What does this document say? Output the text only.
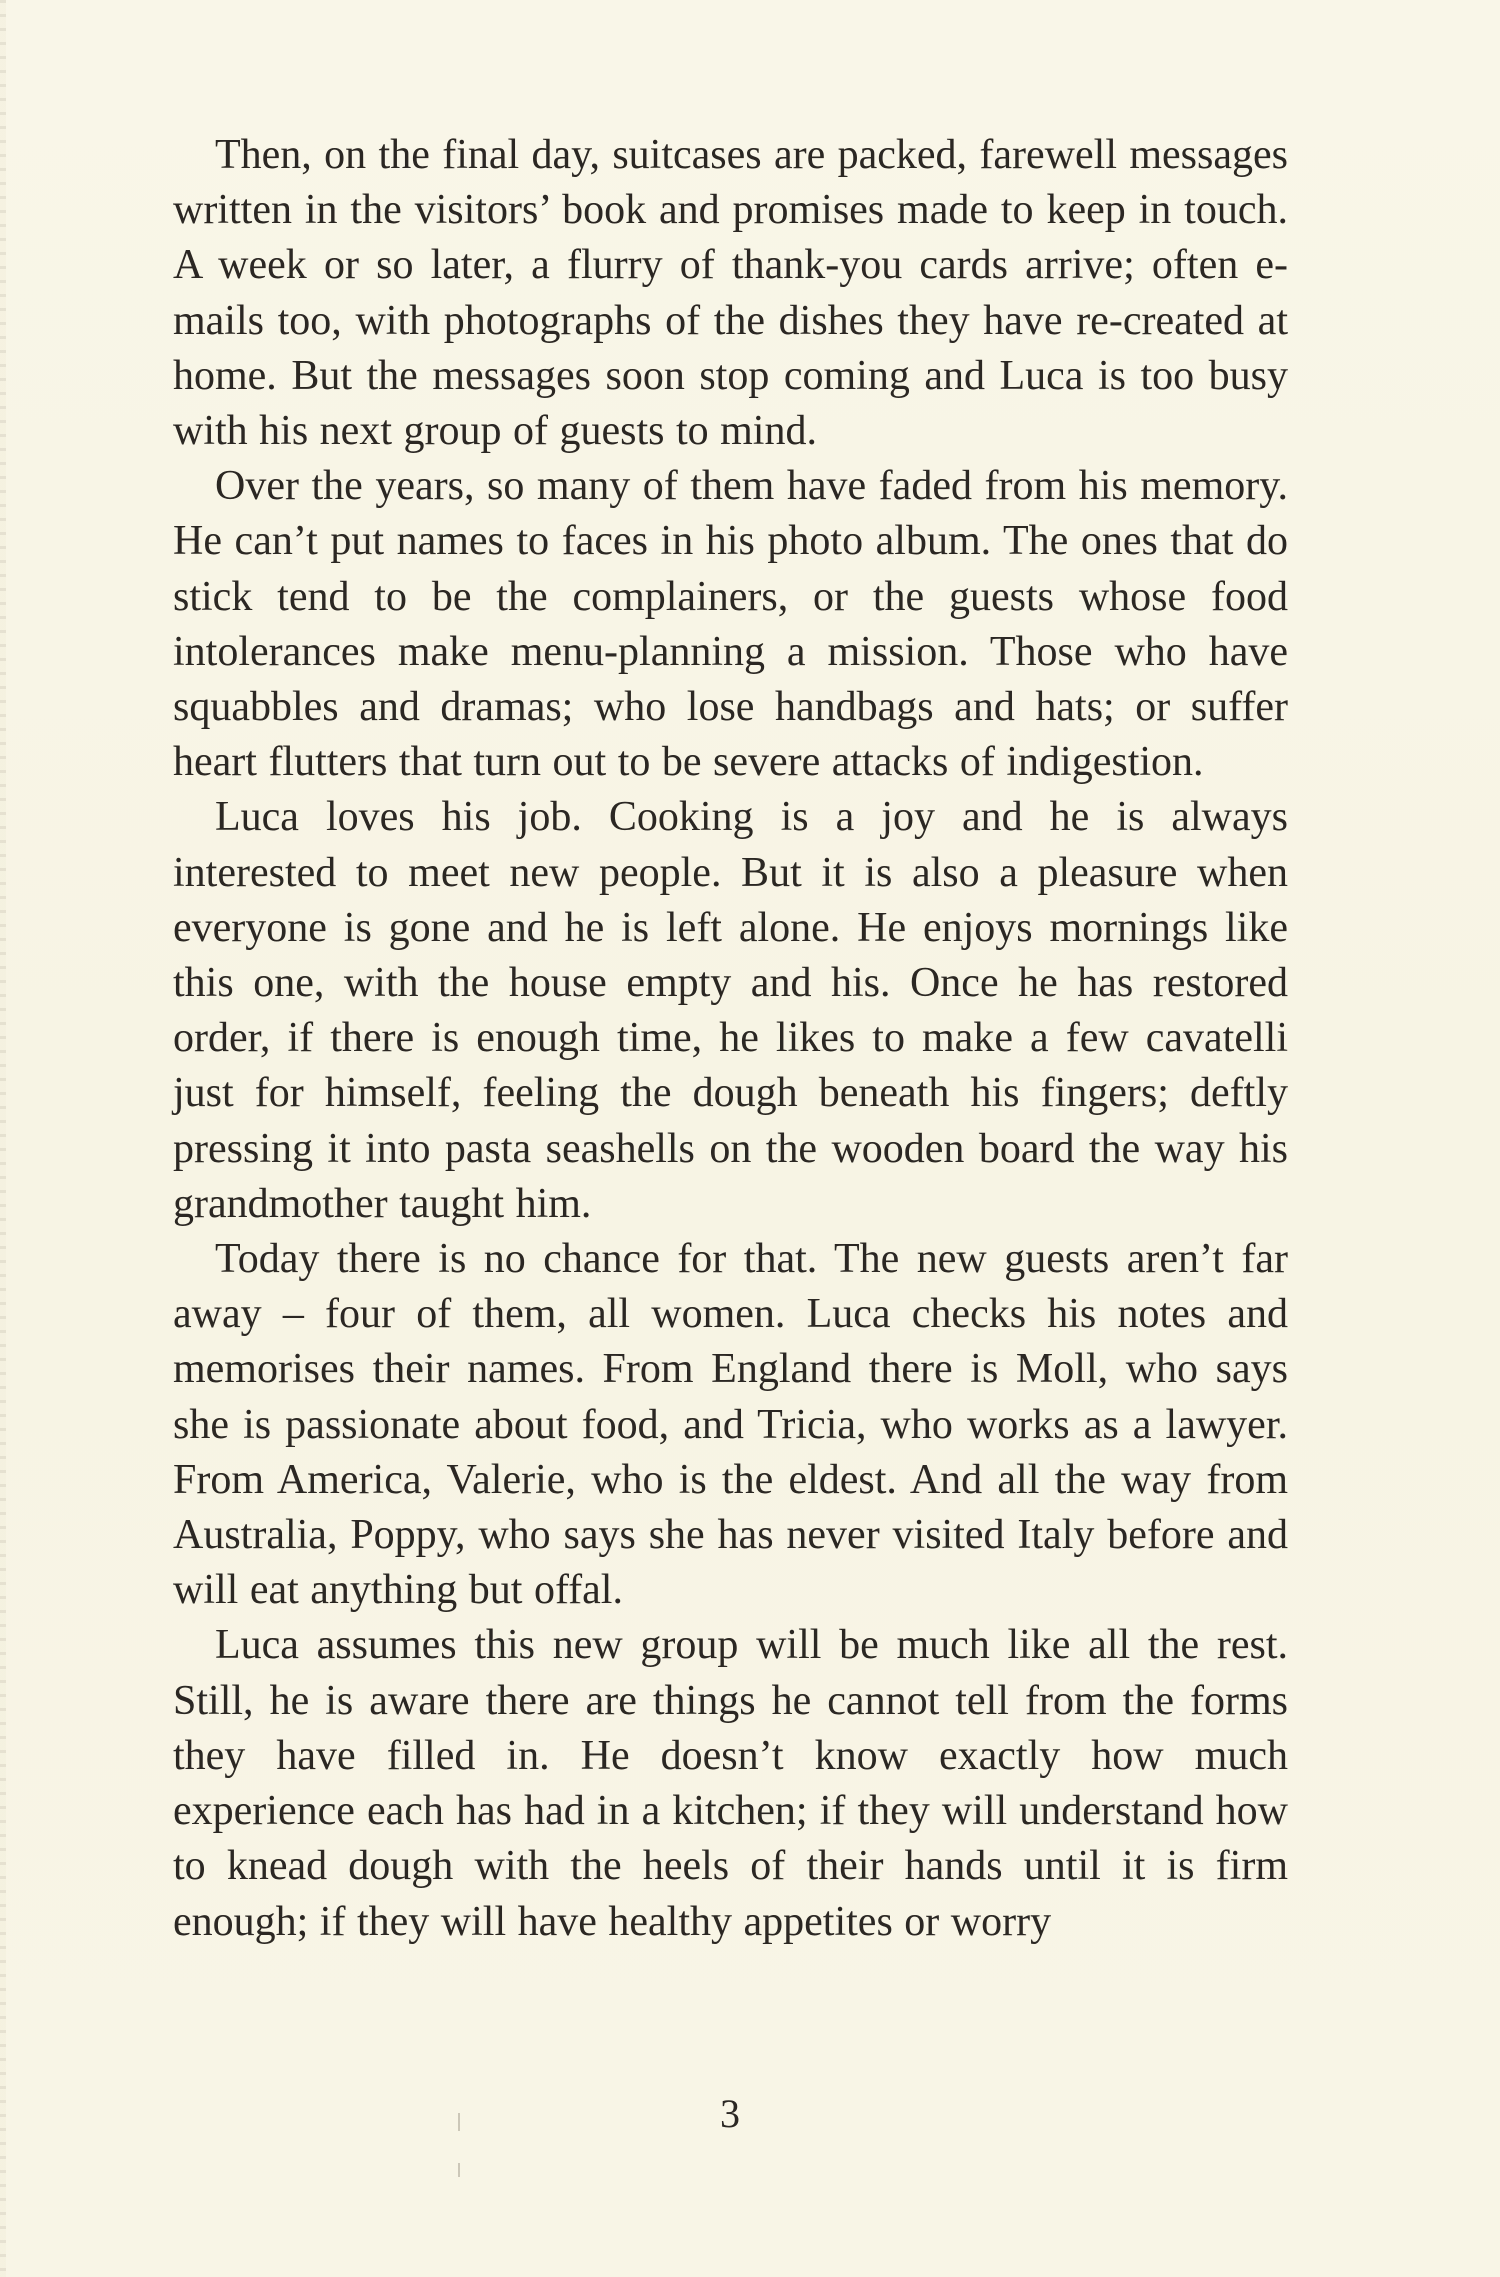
Then, on the final day, suitcases are packed, farewell messages written in the visitors’ book and promises made to keep in touch. A week or so later, a flurry of thank-you cards arrive; often e-mails too, with photographs of the dishes they have re-created at home. But the messages soon stop coming and Luca is too busy with his next group of guests to mind.

Over the years, so many of them have faded from his memory. He can’t put names to faces in his photo album. The ones that do stick tend to be the complainers, or the guests whose food intolerances make menu-planning a mission. Those who have squabbles and dramas; who lose handbags and hats; or suffer heart flutters that turn out to be severe attacks of indigestion.

Luca loves his job. Cooking is a joy and he is always interested to meet new people. But it is also a pleasure when everyone is gone and he is left alone. He enjoys mornings like this one, with the house empty and his. Once he has restored order, if there is enough time, he likes to make a few cavatelli just for himself, feeling the dough beneath his fingers; deftly pressing it into pasta seashells on the wooden board the way his grandmother taught him.

Today there is no chance for that. The new guests aren’t far away – four of them, all women. Luca checks his notes and memorises their names. From England there is Moll, who says she is passionate about food, and Tricia, who works as a lawyer. From America, Valerie, who is the eldest. And all the way from Australia, Poppy, who says she has never visited Italy before and will eat anything but offal.

Luca assumes this new group will be much like all the rest. Still, he is aware there are things he cannot tell from the forms they have filled in. He doesn’t know exactly how much experience each has had in a kitchen; if they will understand how to knead dough with the heels of their hands until it is firm enough; if they will have healthy appetites or worry

3
